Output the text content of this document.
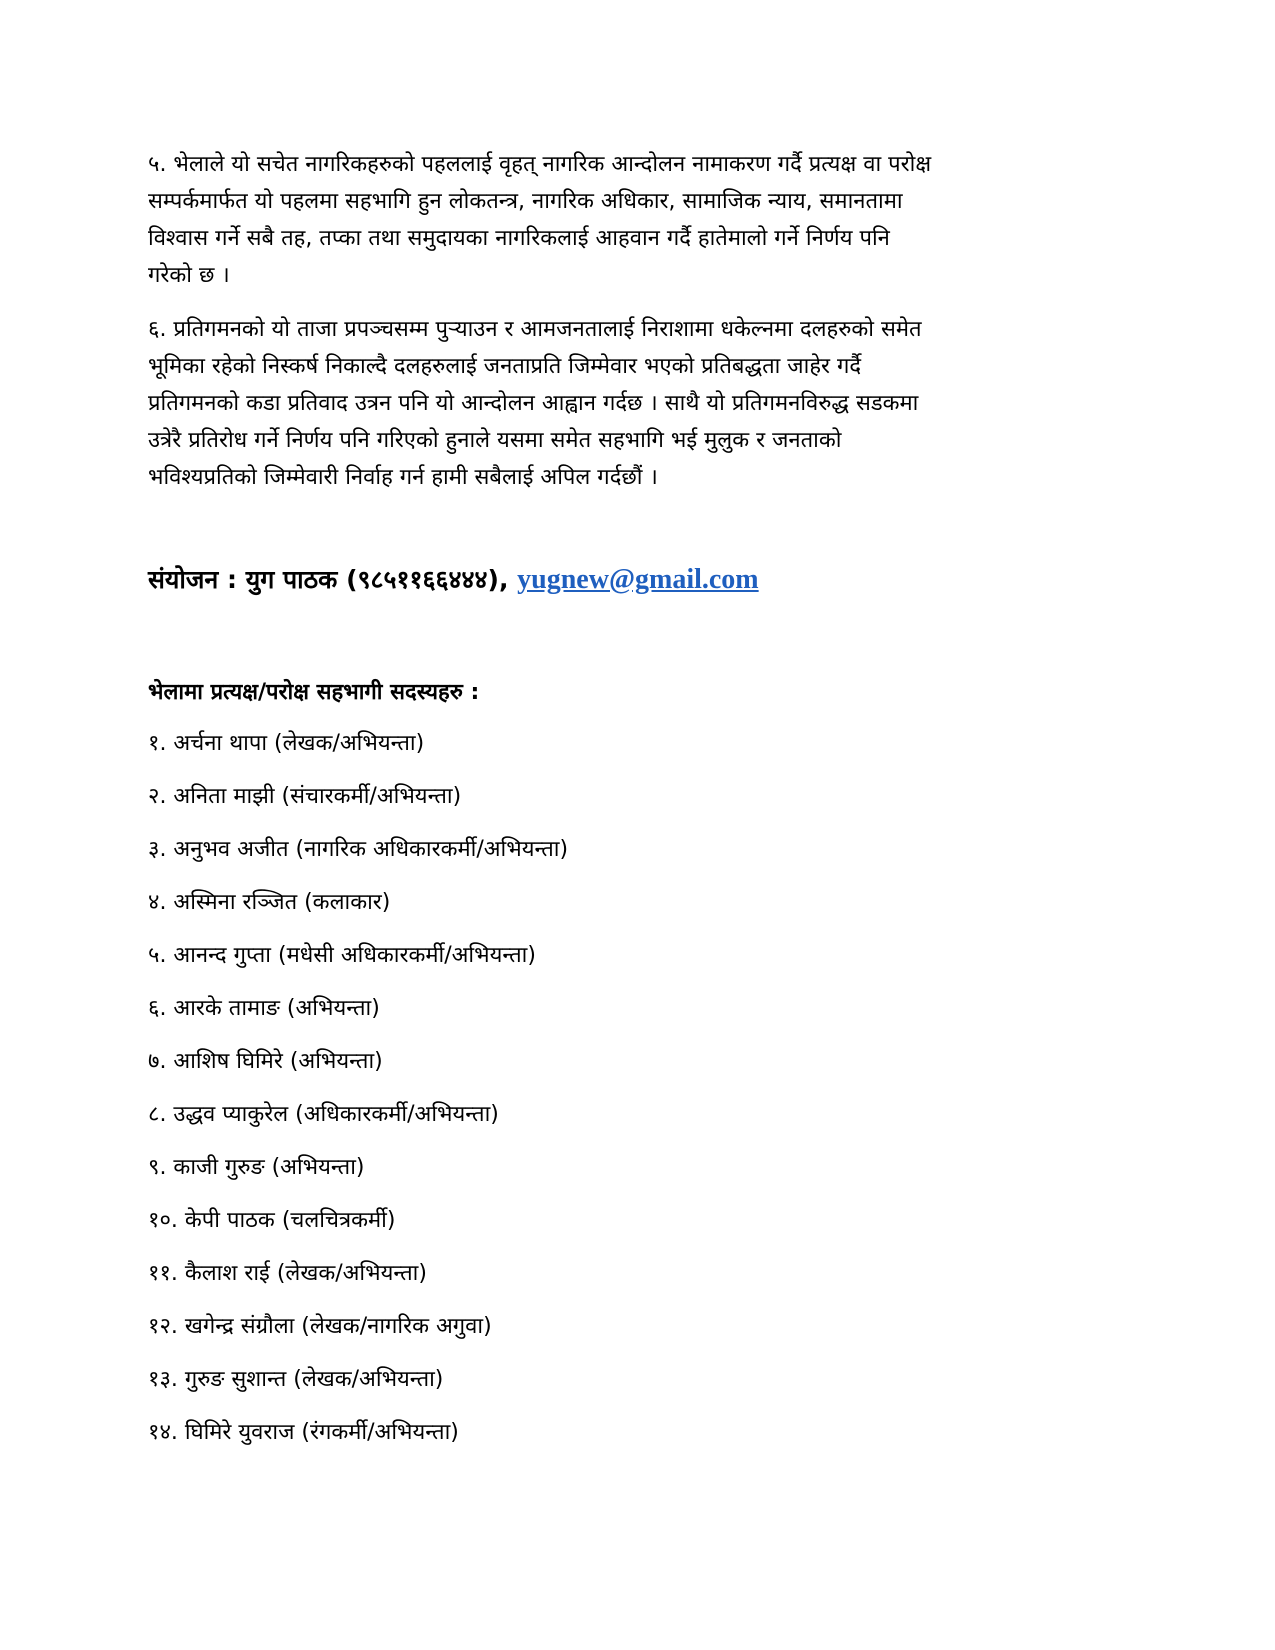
५. भेलाले यो सचेत नागरिकहरुको पहललाई वृहत् नागरिक आन्दोलन नामाकरण गर्दै प्रत्यक्ष वा परोक्ष
सम्पर्कमार्फत यो पहलमा सहभागि हुन लोकतन्त्र, नागरिक अधिकार, सामाजिक न्याय, समानतामा
विश्वास गर्ने सबै तह, तप्का तथा समुदायका नागरिकलाई आहवान गर्दै हातेमालो गर्ने निर्णय पनि
गरेको छ ।
६. प्रतिगमनको यो ताजा प्रपञ्चसम्म पुऱ्याउन र आमजनतालाई निराशामा धकेल्नमा दलहरुको समेत
भूमिका रहेको निस्कर्ष निकाल्दै दलहरुलाई जनताप्रति जिम्मेवार भएको प्रतिबद्धता जाहेर गर्दै
प्रतिगमनको कडा प्रतिवाद उत्रन पनि यो आन्दोलन आह्वान गर्दछ । साथै यो प्रतिगमनविरुद्ध सडकमा
उत्रेरै प्रतिरोध गर्ने निर्णय पनि गरिएको हुनाले यसमा समेत सहभागि भई मुलुक र जनताको
भविश्यप्रतिको जिम्मेवारी निर्वाह गर्न हामी सबैलाई अपिल गर्दछौं ।
संयोजन : युग पाठक (९८५११६६४४४), yugnew@gmail.com
भेलामा प्रत्यक्ष/परोक्ष सहभागी सदस्यहरु :
१. अर्चना थापा (लेखक/अभियन्ता)
२. अनिता माझी (संचारकर्मी/अभियन्ता)
३. अनुभव अजीत (नागरिक अधिकारकर्मी/अभियन्ता)
४. अस्मिना रञ्जित (कलाकार)
५. आनन्द गुप्ता (मधेसी अधिकारकर्मी/अभियन्ता)
६. आरके तामाङ (अभियन्ता)
७. आशिष घिमिरे (अभियन्ता)
८. उद्धव प्याकुरेल (अधिकारकर्मी/अभियन्ता)
९. काजी गुरुङ (अभियन्ता)
१०. केपी पाठक (चलचित्रकर्मी)
११. कैलाश राई (लेखक/अभियन्ता)
१२. खगेन्द्र संग्रौला (लेखक/नागरिक अगुवा)
१३. गुरुङ सुशान्त (लेखक/अभियन्ता)
१४. घिमिरे युवराज (रंगकर्मी/अभियन्ता)
